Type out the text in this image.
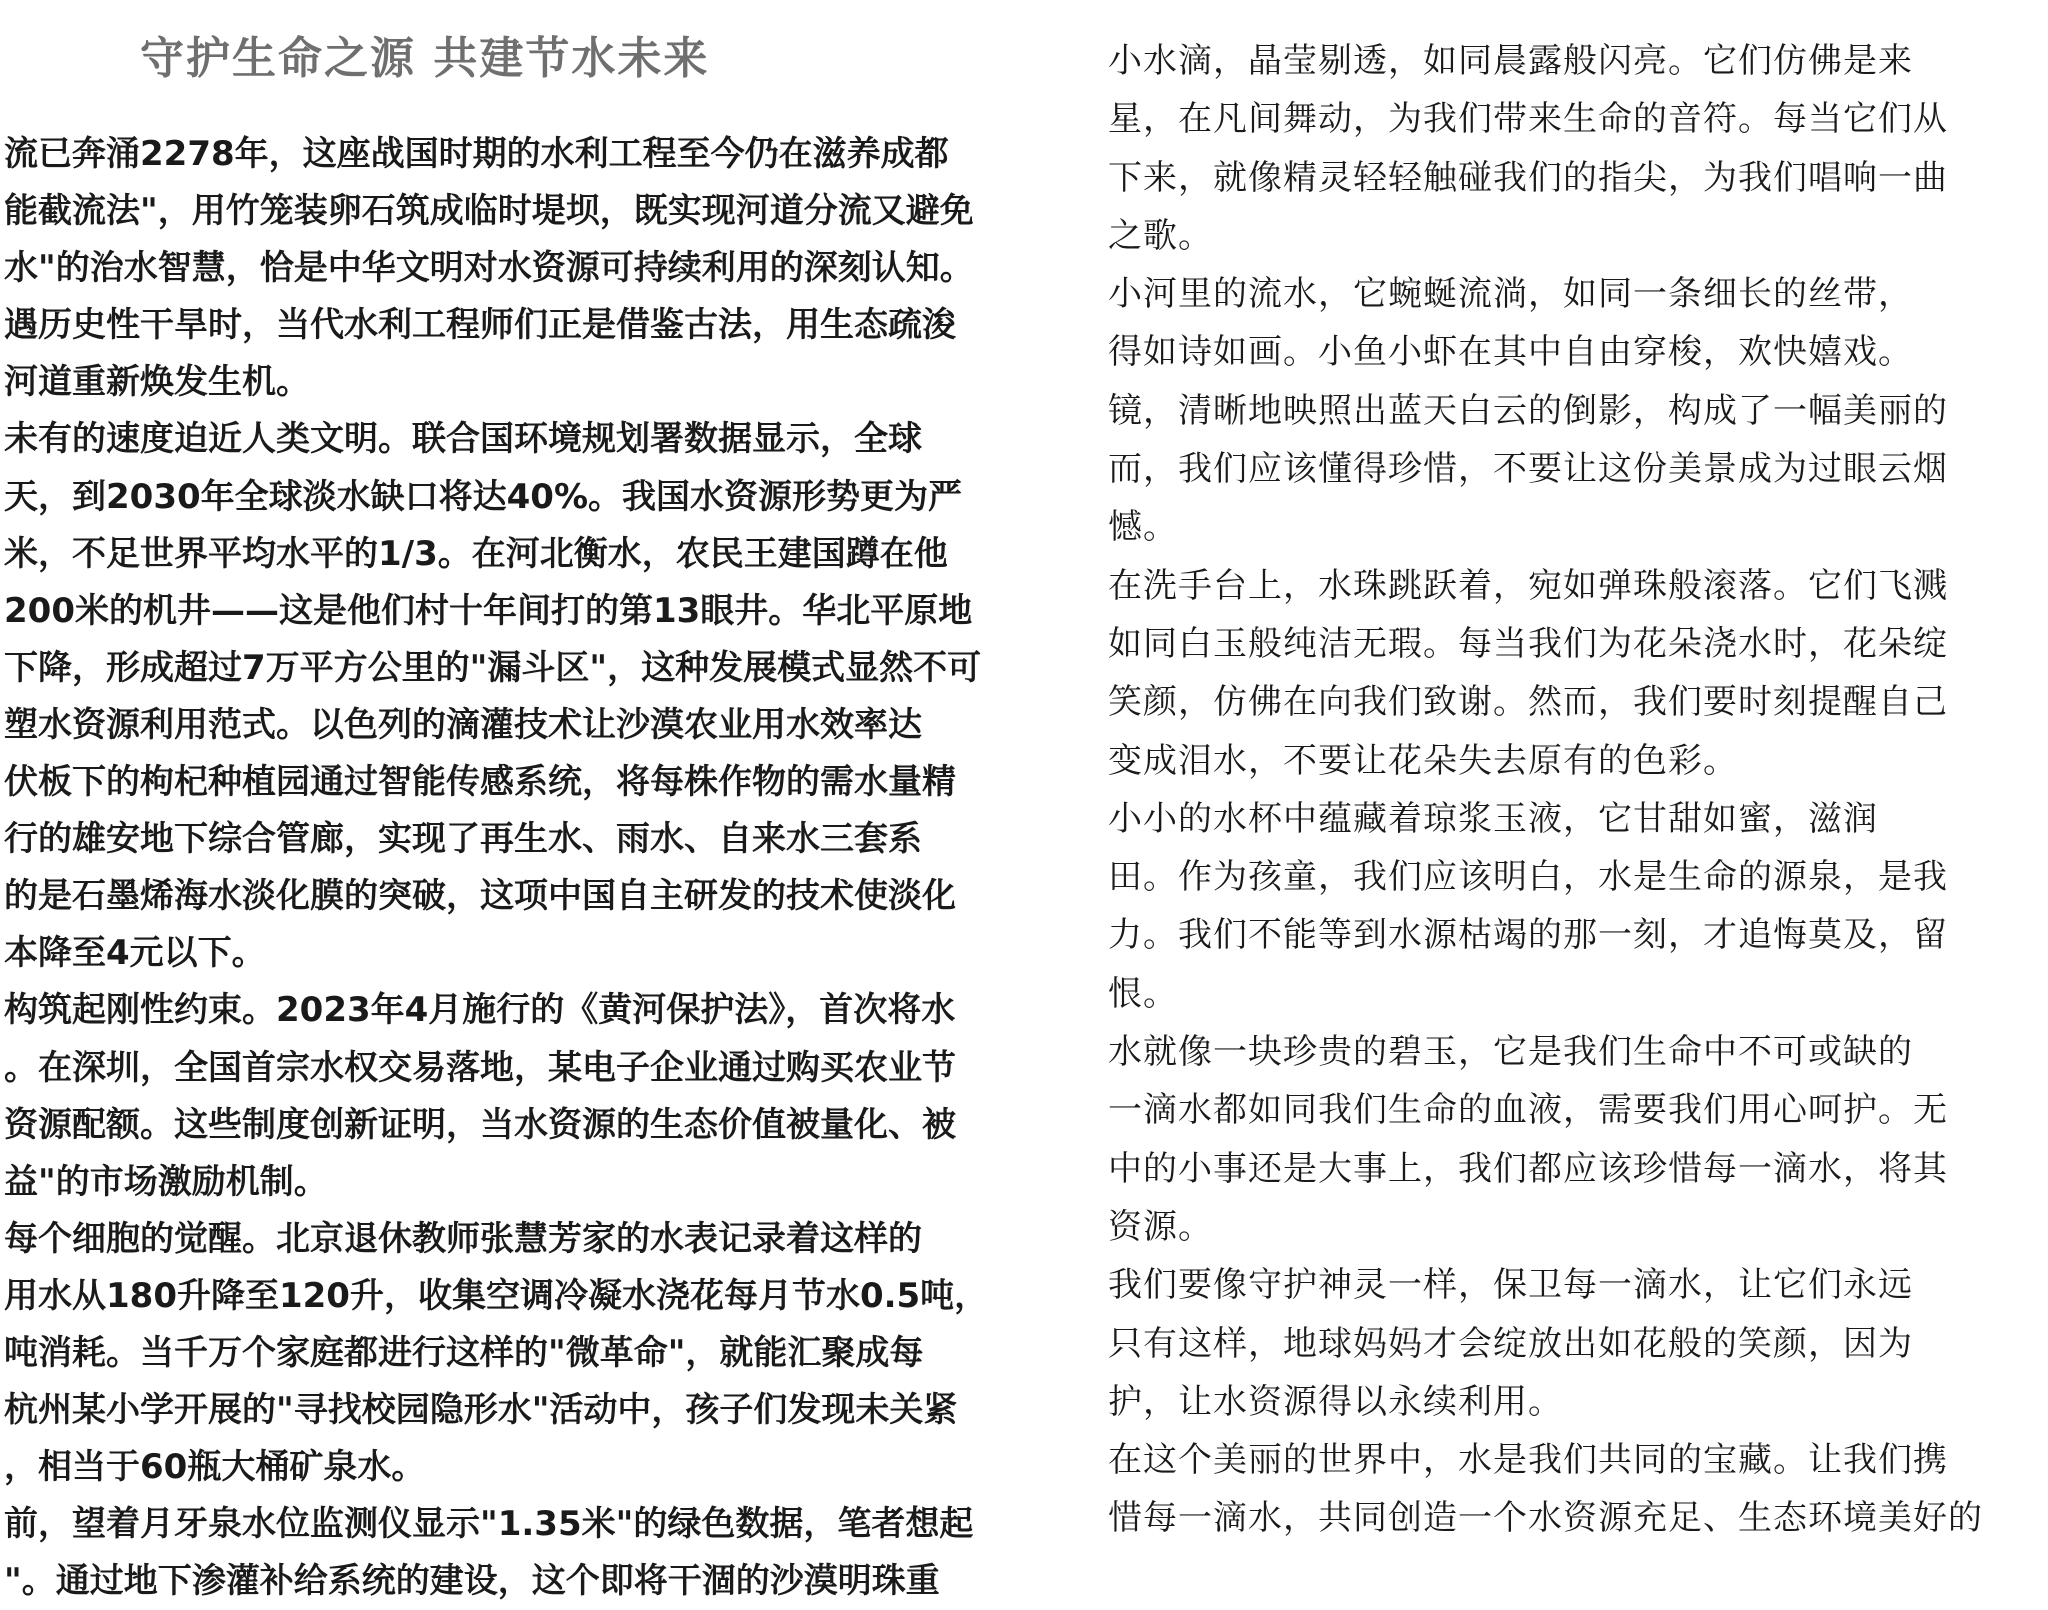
守护生命之源 共建节水未来
流已奔涌2278年，这座战国时期的水利工程至今仍在滋养成都
能截流法"，用竹笼装卵石筑成临时堤坝，既实现河道分流又避免
水"的治水智慧，恰是中华文明对水资源可持续利用的深刻认知。
遇历史性干旱时，当代水利工程师们正是借鉴古法，用生态疏浚
河道重新焕发生机。
未有的速度迫近人类文明。联合国环境规划署数据显示，全球
天，到2030年全球淡水缺口将达40%。我国水资源形势更为严
米，不足世界平均水平的1/3。在河北衡水，农民王建国蹲在他
200米的机井——这是他们村十年间打的第13眼井。华北平原地
下降，形成超过7万平方公里的"漏斗区"，这种发展模式显然不可
塑水资源利用范式。以色列的滴灌技术让沙漠农业用水效率达
伏板下的枸杞种植园通过智能传感系统，将每株作物的需水量精
行的雄安地下综合管廊，实现了再生水、雨水、自来水三套系
的是石墨烯海水淡化膜的突破，这项中国自主研发的技术使淡化
本降至4元以下。
构筑起刚性约束。2023年4月施行的《黄河保护法》，首次将水
。在深圳，全国首宗水权交易落地，某电子企业通过购买农业节
资源配额。这些制度创新证明，当水资源的生态价值被量化、被
益"的市场激励机制。
每个细胞的觉醒。北京退休教师张慧芳家的水表记录着这样的
用水从180升降至120升，收集空调冷凝水浇花每月节水0.5吨，
吨消耗。当千万个家庭都进行这样的"微革命"，就能汇聚成每
杭州某小学开展的"寻找校园隐形水"活动中，孩子们发现未关紧
，相当于60瓶大桶矿泉水。
前，望着月牙泉水位监测仪显示"1.35米"的绿色数据，笔者想起
"。通过地下渗灌补给系统的建设，这个即将干涸的沙漠明珠重
小水滴，晶莹剔透，如同晨露般闪亮。它们仿佛是来
星，在凡间舞动，为我们带来生命的音符。每当它们从
下来，就像精灵轻轻触碰我们的指尖，为我们唱响一曲
之歌。
小河里的流水，它蜿蜒流淌，如同一条细长的丝带，
得如诗如画。小鱼小虾在其中自由穿梭，欢快嬉戏。
镜，清晰地映照出蓝天白云的倒影，构成了一幅美丽的
而，我们应该懂得珍惜，不要让这份美景成为过眼云烟
憾。
在洗手台上，水珠跳跃着，宛如弹珠般滚落。它们飞溅
如同白玉般纯洁无瑕。每当我们为花朵浇水时，花朵绽
笑颜，仿佛在向我们致谢。然而，我们要时刻提醒自己
变成泪水，不要让花朵失去原有的色彩。
小小的水杯中蕴藏着琼浆玉液，它甘甜如蜜，滋润
田。作为孩童，我们应该明白，水是生命的源泉，是我
力。我们不能等到水源枯竭的那一刻，才追悔莫及，留
恨。
水就像一块珍贵的碧玉，它是我们生命中不可或缺的
一滴水都如同我们生命的血液，需要我们用心呵护。无
中的小事还是大事上，我们都应该珍惜每一滴水，将其
资源。
我们要像守护神灵一样，保卫每一滴水，让它们永远
只有这样，地球妈妈才会绽放出如花般的笑颜，因为
护，让水资源得以永续利用。
在这个美丽的世界中，水是我们共同的宝藏。让我们携
惜每一滴水，共同创造一个水资源充足、生态环境美好的
